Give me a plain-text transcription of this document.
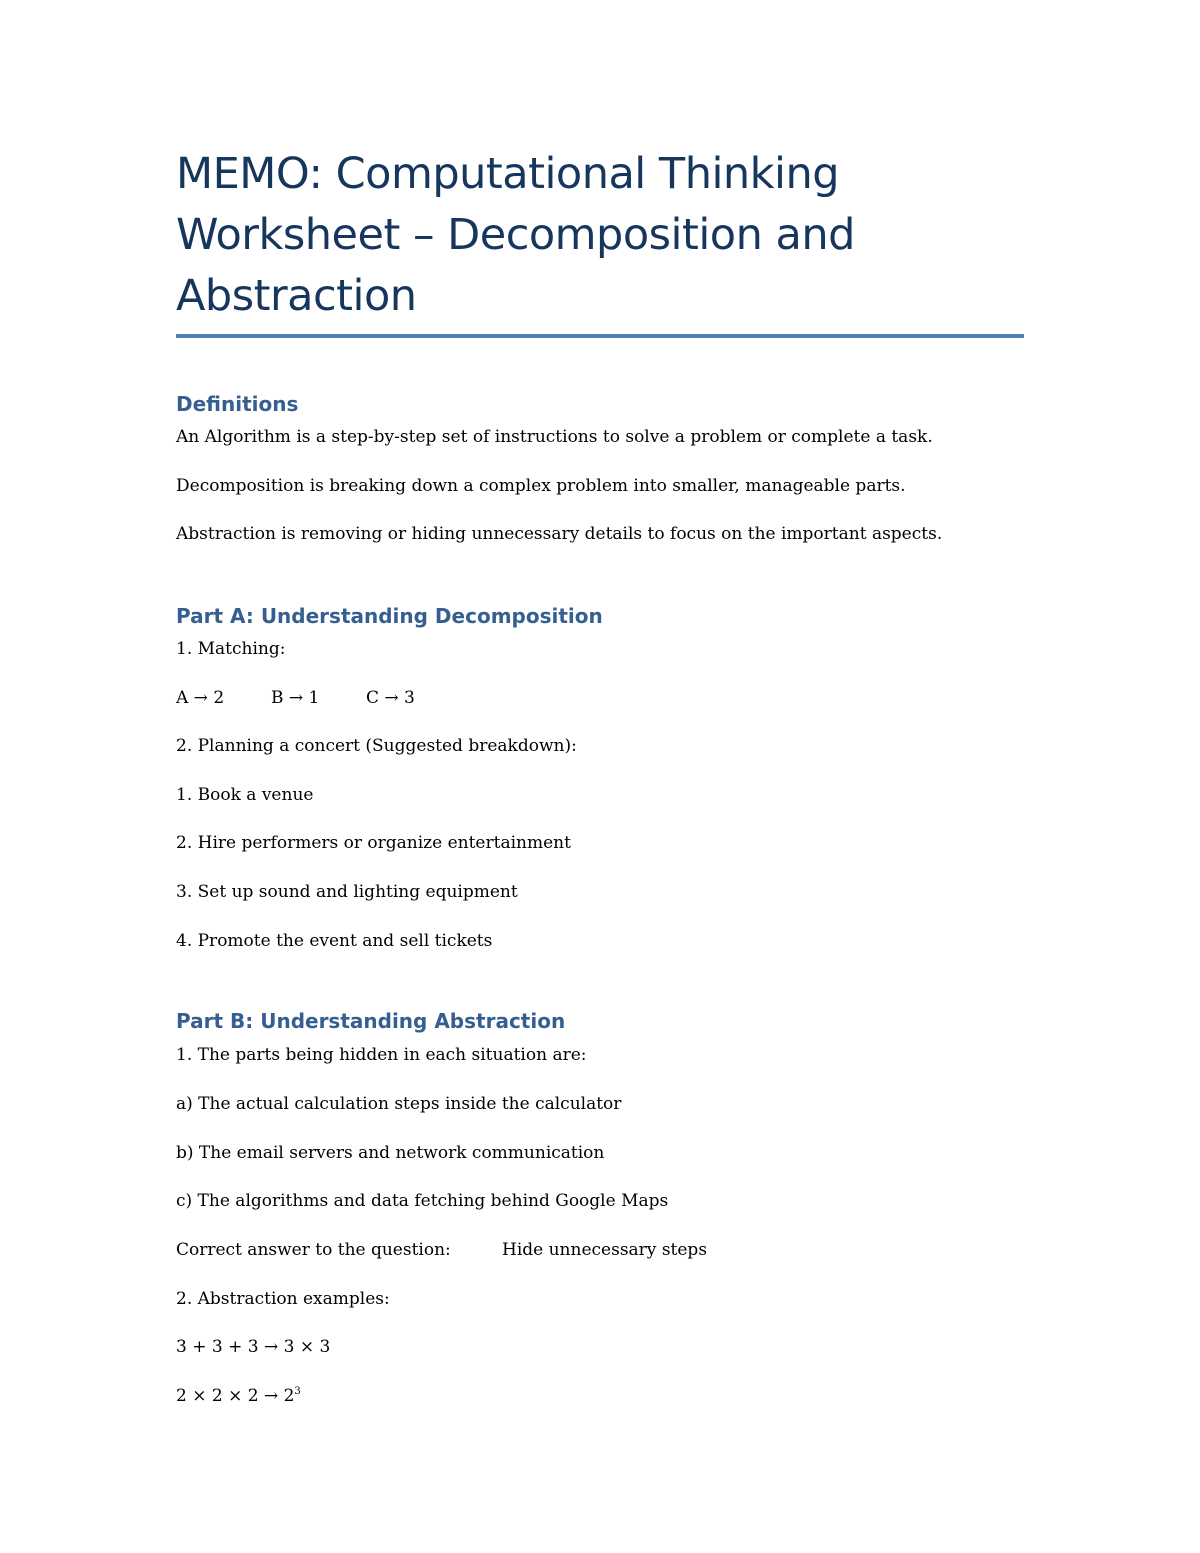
MEMO: Computational Thinking Worksheet – Decomposition and Abstraction
Definitions

An Algorithm is a step-by-step set of instructions to solve a problem or complete a task.

Decomposition is breaking down a complex problem into smaller, manageable parts.

Abstraction is removing or hiding unnecessary details to focus on the important aspects.

Part A: Understanding Decomposition

1. Matching:

A → 2	B → 1	C → 3

2. Planning a concert (Suggested breakdown):

1. Book a venue

2. Hire performers or organize entertainment

3. Set up sound and lighting equipment

4. Promote the event and sell tickets

Part B: Understanding Abstraction

1. The parts being hidden in each situation are:

a) The actual calculation steps inside the calculator

b) The email servers and network communication

c) The algorithms and data fetching behind Google Maps

Correct answer to the question:	Hide unnecessary steps

2. Abstraction examples:

3 + 3 + 3 → 3 × 3

$2 \times 2 \times 2 \to 2^3$
